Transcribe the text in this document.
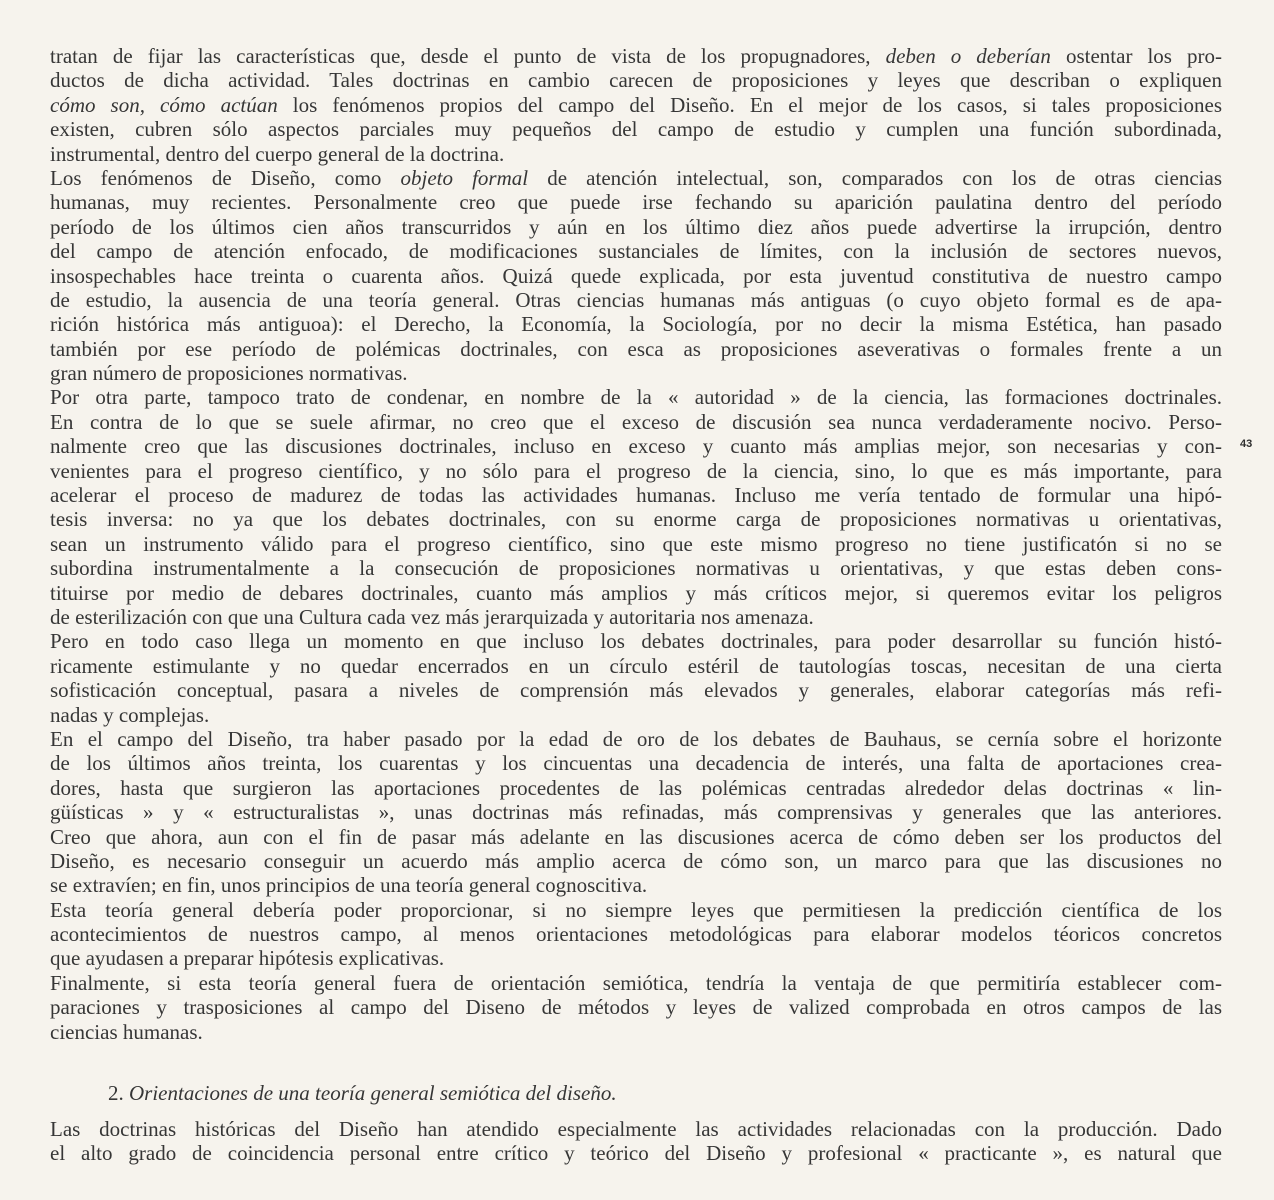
tratan de fijar las características que, desde el punto de vista de los propugnadores, deben o deberían ostentar los pro-
ductos de dicha actividad. Tales doctrinas en cambio carecen de proposiciones y leyes que describan o expliquen
cómo son, cómo actúan los fenómenos propios del campo del Diseño. En el mejor de los casos, si tales proposiciones
existen, cubren sólo aspectos parciales muy pequeños del campo de estudio y cumplen una función subordinada,
instrumental, dentro del cuerpo general de la doctrina.
Los fenómenos de Diseño, como objeto formal de atención intelectual, son, comparados con los de otras ciencias
humanas, muy recientes. Personalmente creo que puede irse fechando su aparición paulatina dentro del período
período de los últimos cien años transcurridos y aún en los último diez años puede advertirse la irrupción, dentro
del campo de atención enfocado, de modificaciones sustanciales de límites, con la inclusión de sectores nuevos,
insospechables hace treinta o cuarenta años. Quizá quede explicada, por esta juventud constitutiva de nuestro campo
de estudio, la ausencia de una teoría general. Otras ciencias humanas más antiguas (o cuyo objeto formal es de apa-
rición histórica más antiguoa): el Derecho, la Economía, la Sociología, por no decir la misma Estética, han pasado
también por ese período de polémicas doctrinales, con esca as proposiciones aseverativas o formales frente a un
gran número de proposiciones normativas.
Por otra parte, tampoco trato de condenar, en nombre de la « autoridad » de la ciencia, las formaciones doctrinales.
En contra de lo que se suele afirmar, no creo que el exceso de discusión sea nunca verdaderamente nocivo. Perso-
nalmente creo que las discusiones doctrinales, incluso en exceso y cuanto más amplias mejor, son necesarias y con-
venientes para el progreso científico, y no sólo para el progreso de la ciencia, sino, lo que es más importante, para
acelerar el proceso de madurez de todas las actividades humanas. Incluso me vería tentado de formular una hipó-
tesis inversa: no ya que los debates doctrinales, con su enorme carga de proposiciones normativas u orientativas,
sean un instrumento válido para el progreso científico, sino que este mismo progreso no tiene justificatón si no se
subordina instrumentalmente a la consecución de proposiciones normativas u orientativas, y que estas deben cons-
tituirse por medio de debares doctrinales, cuanto más amplios y más críticos mejor, si queremos evitar los peligros
de esterilización con que una Cultura cada vez más jerarquizada y autoritaria nos amenaza.
Pero en todo caso llega un momento en que incluso los debates doctrinales, para poder desarrollar su función histó-
ricamente estimulante y no quedar encerrados en un círculo estéril de tautologías toscas, necesitan de una cierta
sofisticación conceptual, pasara a niveles de comprensión más elevados y generales, elaborar categorías más refi-
nadas y complejas.
En el campo del Diseño, tra haber pasado por la edad de oro de los debates de Bauhaus, se cernía sobre el horizonte
de los últimos años treinta, los cuarentas y los cincuentas una decadencia de interés, una falta de aportaciones crea-
dores, hasta que surgieron las aportaciones procedentes de las polémicas centradas alrededor delas doctrinas « lin-
güísticas » y « estructuralistas », unas doctrinas más refinadas, más comprensivas y generales que las anteriores.
Creo que ahora, aun con el fin de pasar más adelante en las discusiones acerca de cómo deben ser los productos del
Diseño, es necesario conseguir un acuerdo más amplio acerca de cómo son, un marco para que las discusiones no
se extravíen; en fin, unos principios de una teoría general cognoscitiva.
Esta teoría general debería poder proporcionar, si no siempre leyes que permitiesen la predicción científica de los
acontecimientos de nuestros campo, al menos orientaciones metodológicas para elaborar modelos téoricos concretos
que ayudasen a preparar hipótesis explicativas.
Finalmente, si esta teoría general fuera de orientación semiótica, tendría la ventaja de que permitiría establecer com-
paraciones y trasposiciones al campo del Diseno de métodos y leyes de valized comprobada en otros campos de las
ciencias humanas.
2. Orientaciones de una teoría general semiótica del diseño.
Las doctrinas históricas del Diseño han atendido especialmente las actividades relacionadas con la producción. Dado
el alto grado de coincidencia personal entre crítico y teórico del Diseño y profesional « practicante », es natural que
43
